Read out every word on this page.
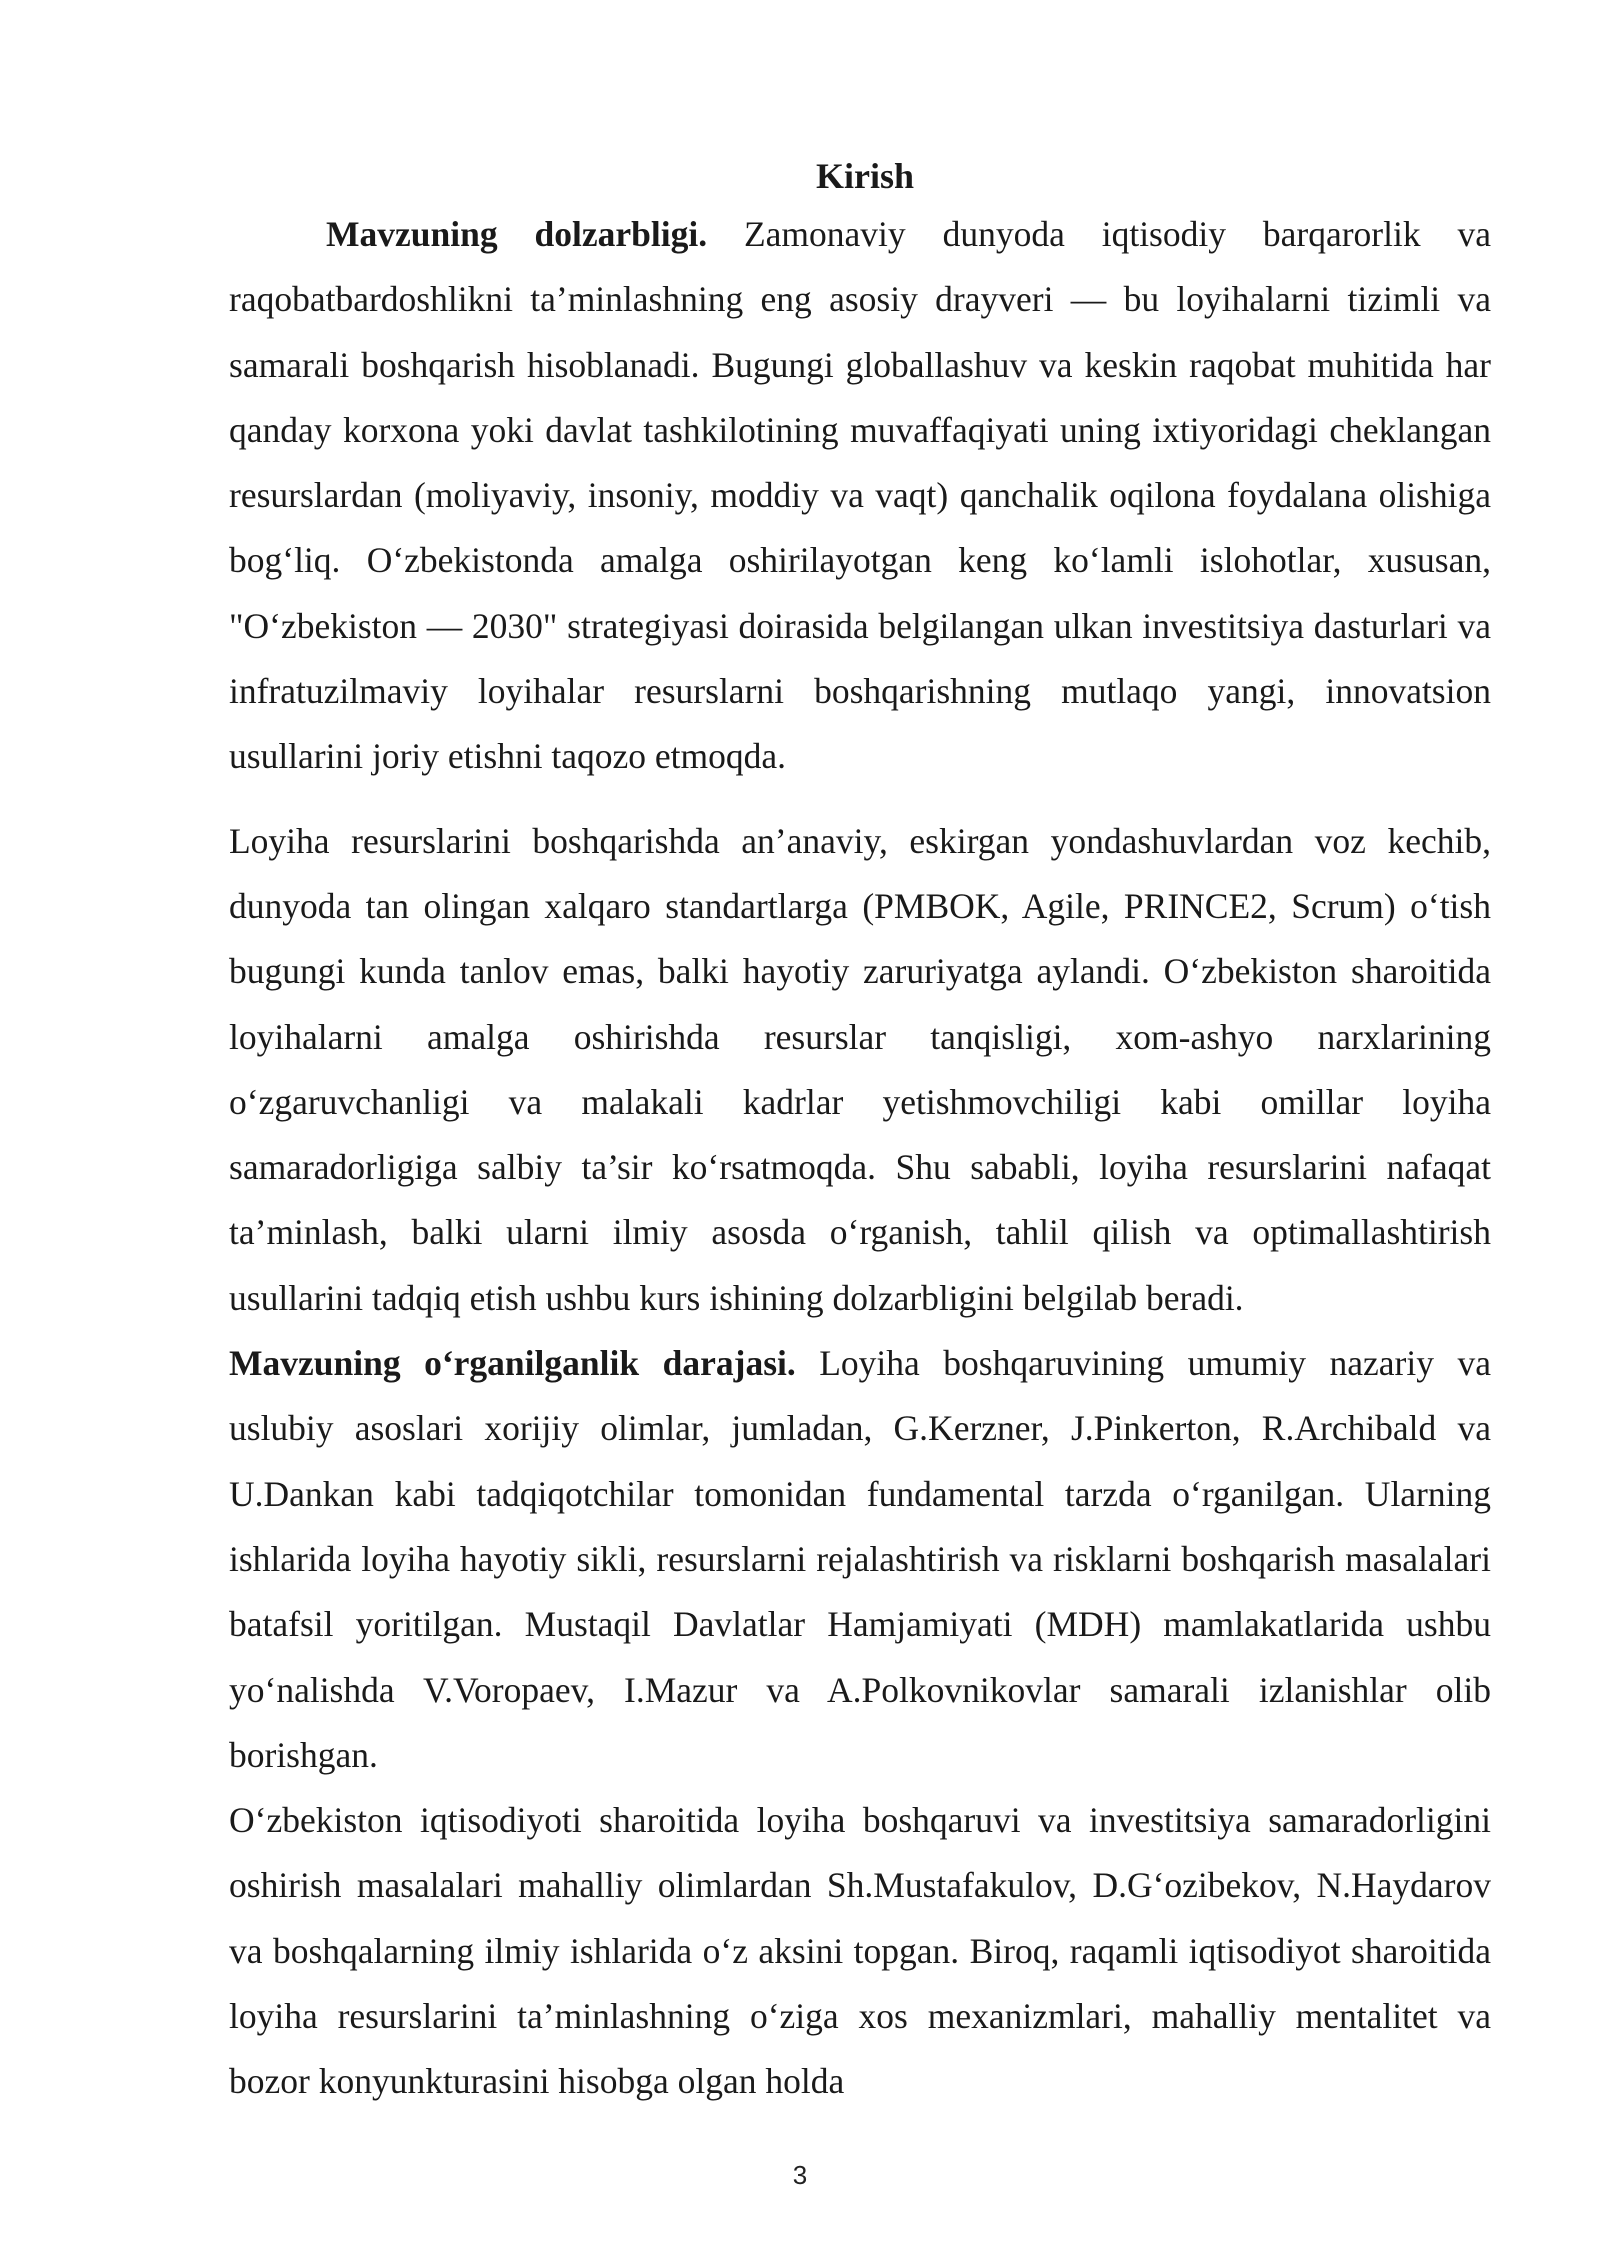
Kirish

Mavzuning dolzarbligi. Zamonaviy dunyoda iqtisodiy barqarorlik va raqobatbardoshlikni ta’minlashning eng asosiy drayveri — bu loyihalarni tizimli va samarali boshqarish hisoblanadi. Bugungi globallashuv va keskin raqobat muhitida har qanday korxona yoki davlat tashkilotining muvaffaqiyati uning ixtiyoridagi cheklangan resurslardan (moliyaviy, insoniy, moddiy va vaqt) qanchalik oqilona foydalana olishiga bog‘liq. O‘zbekistonda amalga oshirilayotgan keng ko‘lamli islohotlar, xususan, "O‘zbekiston — 2030" strategiyasi doirasida belgilangan ulkan investitsiya dasturlari va infratuzilmaviy loyihalar resurslarni boshqarishning mutlaqo yangi, innovatsion usullarini joriy etishni taqozo etmoqda.

Loyiha resurslarini boshqarishda an’anaviy, eskirgan yondashuvlardan voz kechib, dunyoda tan olingan xalqaro standartlarga (PMBOK, Agile, PRINCE2, Scrum) o‘tish bugungi kunda tanlov emas, balki hayotiy zaruriyatga aylandi. O‘zbekiston sharoitida loyihalarni amalga oshirishda resurslar tanqisligi, xom-ashyo narxlarining o‘zgaruvchanligi va malakali kadrlar yetishmovchiligi kabi omillar loyiha samaradorligiga salbiy ta’sir ko‘rsatmoqda. Shu sababli, loyiha resurslarini nafaqat ta’minlash, balki ularni ilmiy asosda o‘rganish, tahlil qilish va optimallashtirish usullarini tadqiq etish ushbu kurs ishining dolzarbligini belgilab beradi.

Mavzuning o‘rganilganlik darajasi. Loyiha boshqaruvining umumiy nazariy va uslubiy asoslari xorijiy olimlar, jumladan, G.Kerzner, J.Pinkerton, R.Archibald va U.Dankan kabi tadqiqotchilar tomonidan fundamental tarzda o‘rganilgan. Ularning ishlarida loyiha hayotiy sikli, resurslarni rejalashtirish va risklarni boshqarish masalalari batafsil yoritilgan. Mustaqil Davlatlar Hamjamiyati (MDH) mamlakatlarida ushbu yo‘nalishda V.Voropaev, I.Mazur va A.Polkovnikovlar samarali izlanishlar olib borishgan.

O‘zbekiston iqtisodiyoti sharoitida loyiha boshqaruvi va investitsiya samaradorligini oshirish masalalari mahalliy olimlardan Sh.Mustafakulov, D.G‘ozibekov, N.Haydarov va boshqalarning ilmiy ishlarida o‘z aksini topgan. Biroq, raqamli iqtisodiyot sharoitida loyiha resurslarini ta’minlashning o‘ziga xos mexanizmlari, mahalliy mentalitet va bozor konyunkturasini hisobga olgan holda

3
